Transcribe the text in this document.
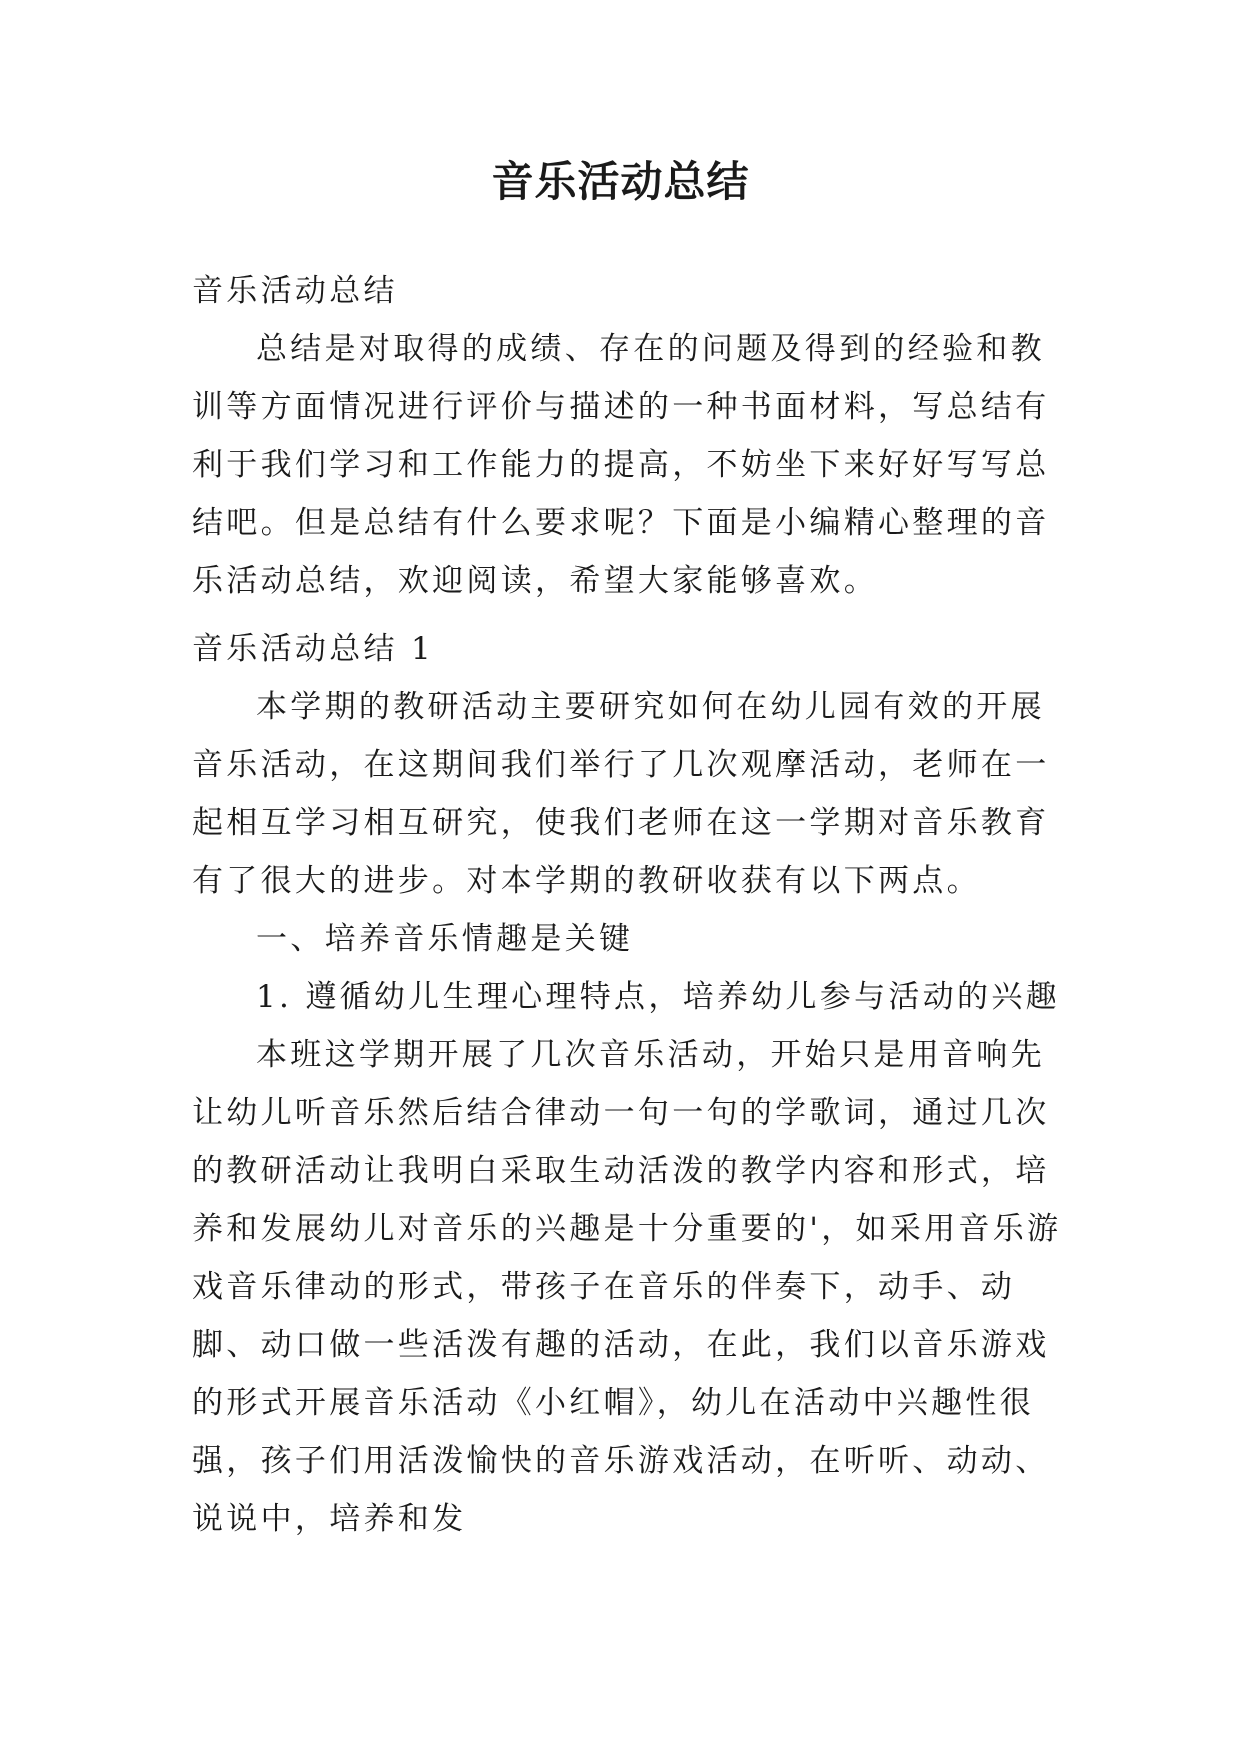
音乐活动总结

音乐活动总结

总结是对取得的成绩、存在的问题及得到的经验和教训等方面情况进行评价与描述的一种书面材料，写总结有利于我们学习和工作能力的提高，不妨坐下来好好写写总结吧。但是总结有什么要求呢？下面是小编精心整理的音乐活动总结，欢迎阅读，希望大家能够喜欢。

音乐活动总结 1

本学期的教研活动主要研究如何在幼儿园有效的开展音乐活动，在这期间我们举行了几次观摩活动，老师在一起相互学习相互研究，使我们老师在这一学期对音乐教育有了很大的进步。对本学期的教研收获有以下两点。

一、培养音乐情趣是关键

1. 遵循幼儿生理心理特点，培养幼儿参与活动的兴趣

本班这学期开展了几次音乐活动，开始只是用音响先让幼儿听音乐然后结合律动一句一句的学歌词，通过几次的教研活动让我明白采取生动活泼的教学内容和形式，培养和发展幼儿对音乐的兴趣是十分重要的'，如采用音乐游戏音乐律动的形式，带孩子在音乐的伴奏下，动手、动脚、动口做一些活泼有趣的活动，在此，我们以音乐游戏的形式开展音乐活动《小红帽》，幼儿在活动中兴趣性很强，孩子们用活泼愉快的音乐游戏活动，在听听、动动、说说中，培养和发
